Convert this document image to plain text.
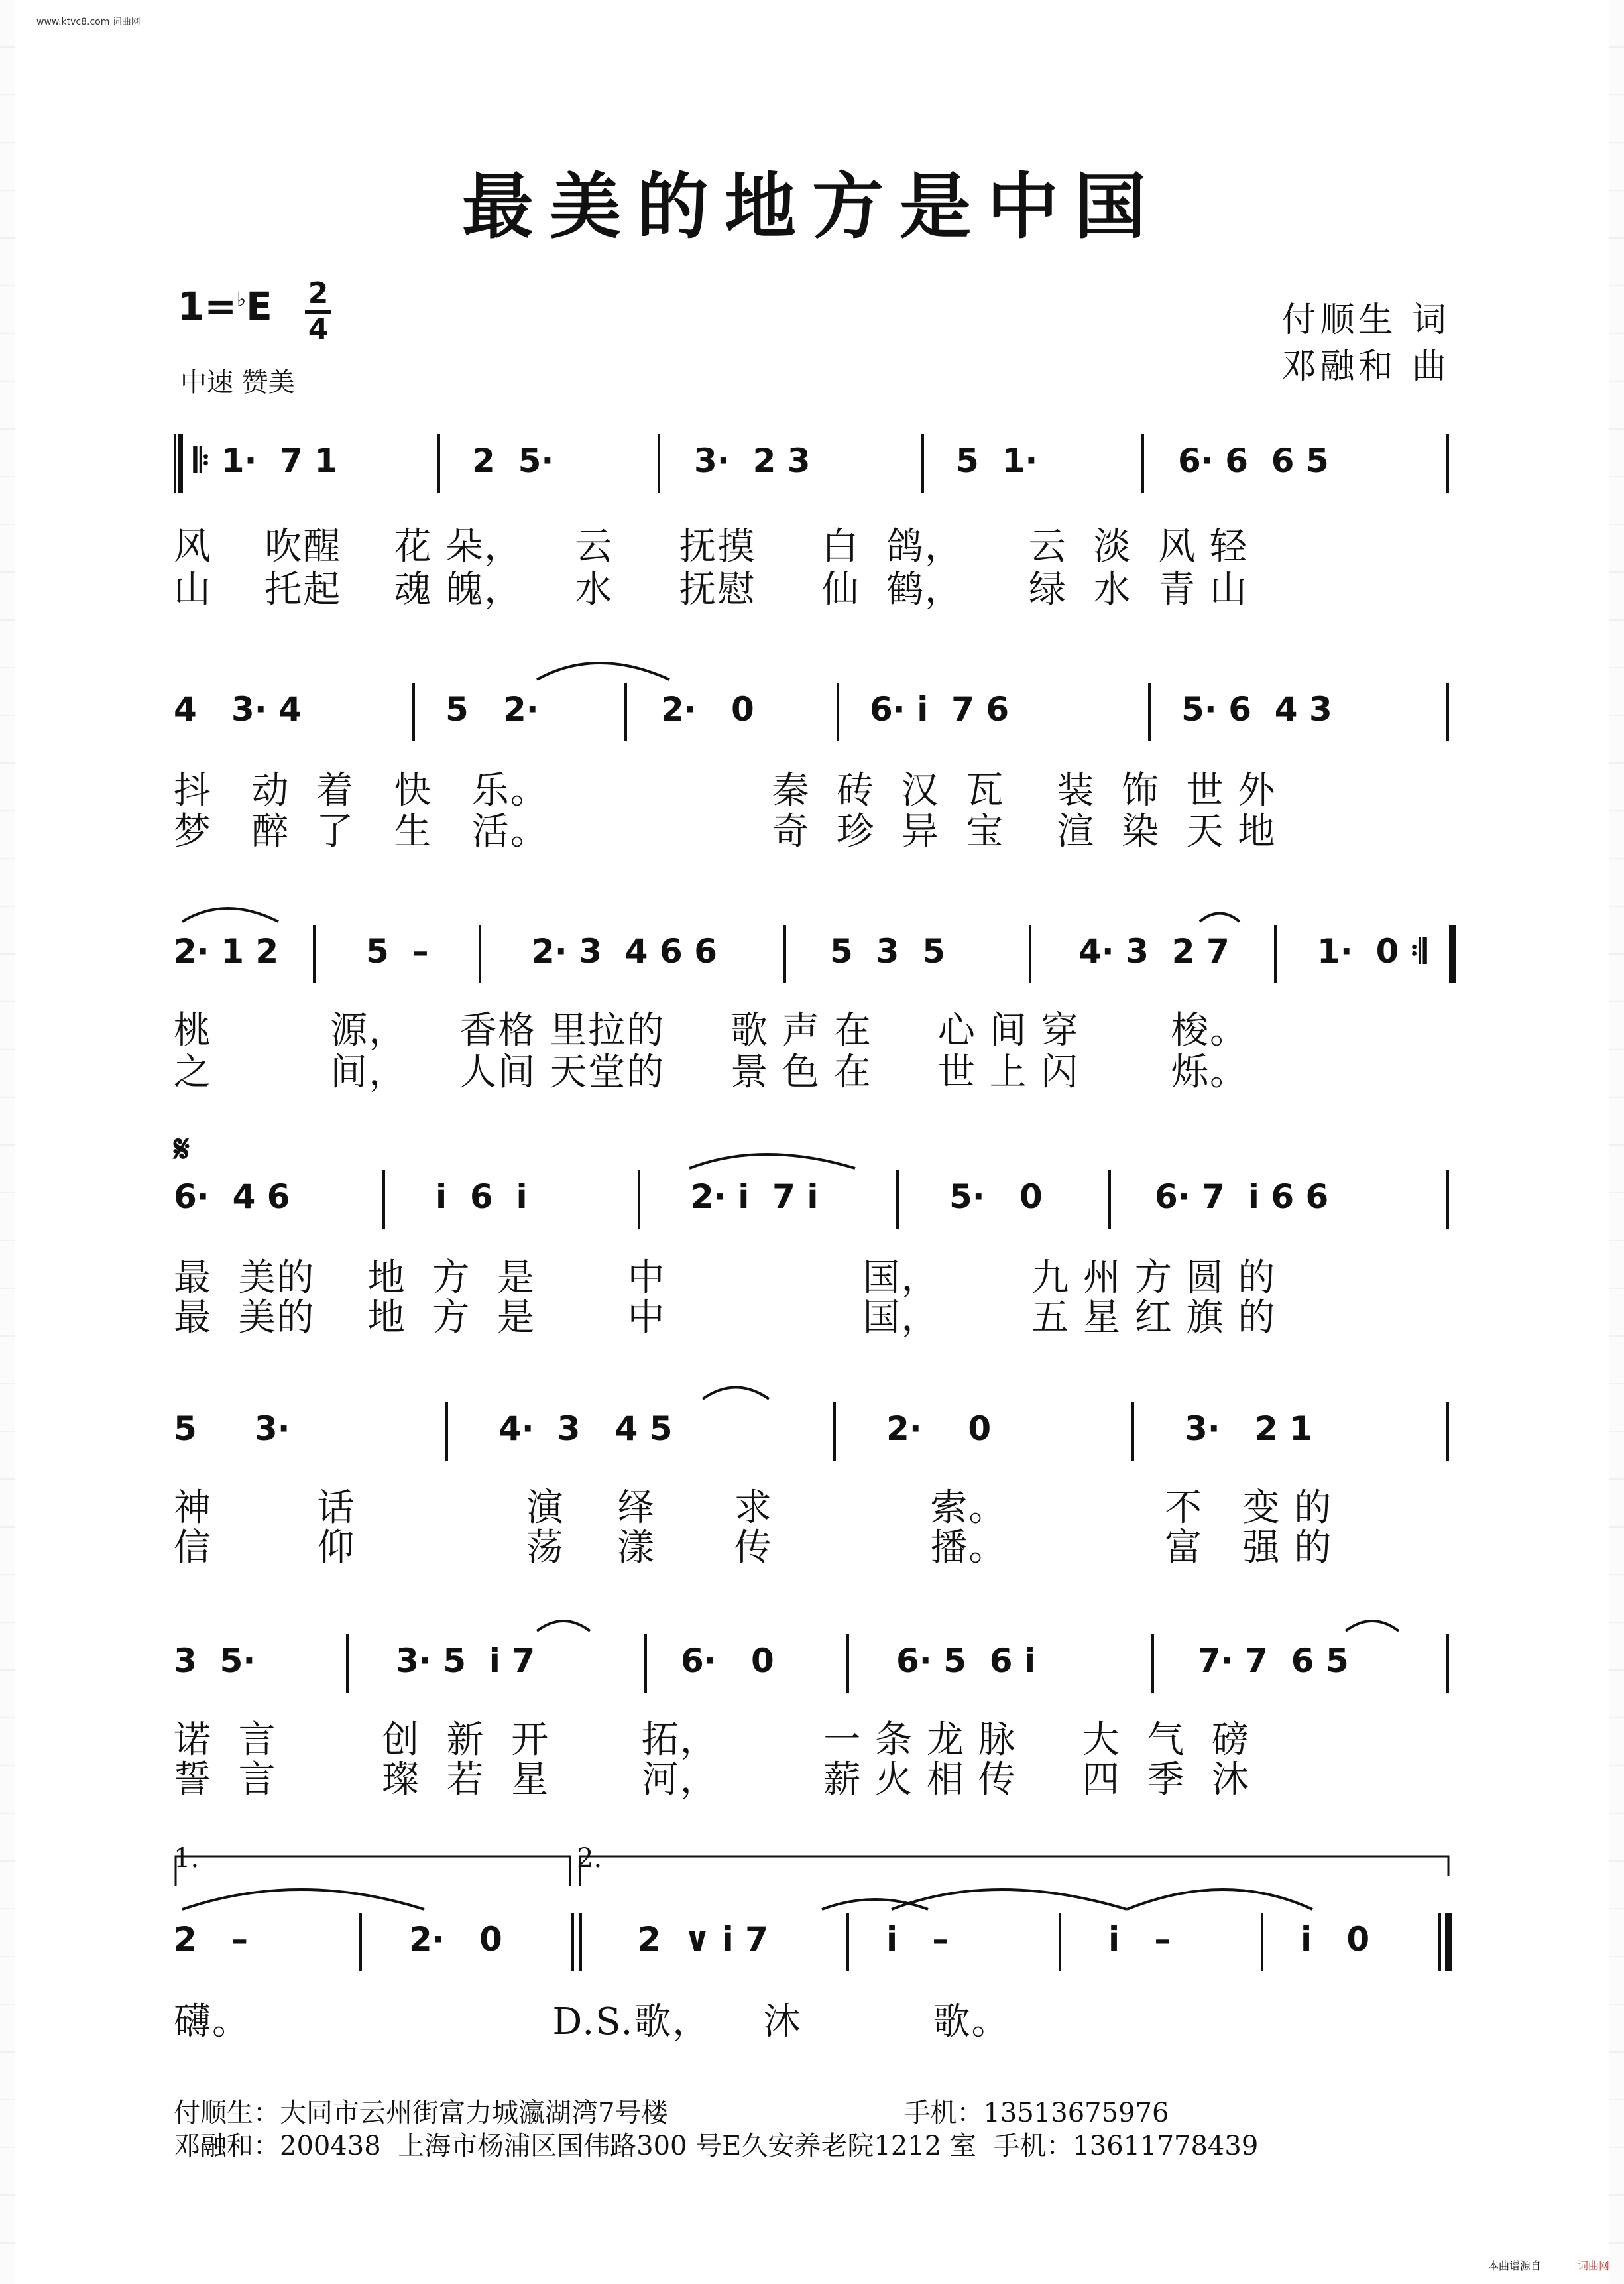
www.ktvc8.com 词曲网
最美的地方是中国
1=♭E 2
4
中速 赞美
付顺生 词
邓融和 曲
𝄆 1·  7 1	2  5·	3·  2 3	5  1·	6· 6  6 5
风    吹醒    花 朵，    云     抚摸     白  鸽，     云  淡  风 轻
山    托起    魂 魄，    水     抚慰     仙  鹤，     绿  水  青 山
4   3· 4	5   2·	2·   0	6· i  7 6	5· 6  4 3
抖   动  着   快   乐。                 秦  砖  汉  瓦    装  饰  世 外
梦   醉  了   生   活。                 奇  珍  异  宝    渲  染  天 地
2· 1 2	5  –	2· 3  4 6 6	5  3  5	4· 3  2 7	1·  0 𝄇
桃         源，    香格 里拉的     歌 声 在     心 间 穿       梭。
之         间，    人间 天堂的     景 色 在     世 上 闪       烁。
𝄋
6·  4 6	i  6  i	2· i  7 i	5·   0	6· 7  i 6 6
最  美的    地  方  是       中               国，       九 州 方 圆 的
最  美的    地  方  是       中               国，       五 星 红 旗 的
5     3·	4·  3   4 5	2·    0	3·   2 1
神        话             演    绎      求            索。            不   变 的
信        仰             荡    漾      传            播。            富   强 的
3  5·	3· 5  i 7	6·   0	6· 5  6 i	7· 7  6 5
诺  言        创  新  开       拓，        一 条 龙 脉     大  气  磅
誓  言        璨  若  星       河，        薪 火 相 传     四  季  沐
1.	2.
2   –	2·   0	2  ∨ i 7	i   –	i   –	i   0
礴。                       D.S.歌，    沐          歌。
付顺生：大同市云州街富力城瀛湖湾7号楼                            手机：13513675976
邓融和：200438  上海市杨浦区国伟路300 号E久安养老院1212 室  手机：13611778439
本曲谱源自	词曲网
